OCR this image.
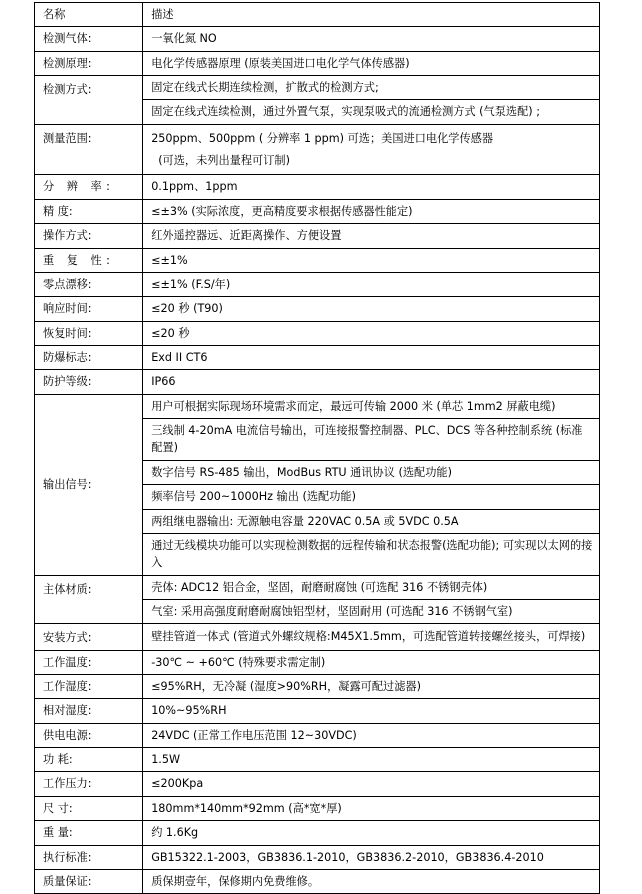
名称	描述
检测气体:	一氧化氮 NO
检测原理:	电化学传感器原理 (原装美国进口电化学气体传感器)
检测方式:	固定在线式长期连续检测，扩散式的检测方式;
	固定在线式连续检测，通过外置气泵，实现泵吸式的流通检测方式 (气泵选配) ;
测量范围:	250ppm、500ppm ( 分辨率 1 ppm) 可选；美国进口电化学传感器

(可选，未列出量程可订制)

分 辨 率:	0.1ppm、1ppm

精 度:	≤±3% (实际浓度，更高精度要求根据传感器性能定)
操作方式:	红外遥控器远、近距离操作、方便设置

重 复 性:	≤±1%
零点漂移:	≤±1% (F.S/年)
响应时间:	≤20 秒 (T90)
恢复时间:	≤20 秒
防爆标志:	Exd II CT6
防护等级:	IP66
输出信号:	用户可根据实际现场环境需求而定，最远可传输 2000 米 (单芯 1mm2 屏蔽电缆)
	三线制 4-20mA 电流信号输出，可连接报警控制器、PLC、DCS 等各种控制系统 (标准配置)
	数字信号 RS-485 输出，ModBus RTU 通讯协议 (选配功能)
	频率信号 200~1000Hz 输出 (选配功能)
	两组继电器输出: 无源触电容量 220VAC 0.5A 或 5VDC 0.5A
	通过无线模块功能可以实现检测数据的远程传输和状态报警(选配功能); 可实现以太网的接入
主体材质:	壳体: ADC12 铝合金，坚固，耐磨耐腐蚀 (可选配 316 不锈钢壳体)
	气室: 采用高强度耐磨耐腐蚀铝型材，坚固耐用 (可选配 316 不锈钢气室)
安装方式:	壁挂管道一体式 (管道式外螺纹规格:M45X1.5mm，可选配管道转接螺丝接头，可焊接)
工作温度:	-30℃ ~ +60℃ (特殊要求需定制)
工作湿度:	≤95%RH，无冷凝 (湿度>90%RH，凝露可配过滤器)
相对湿度:	10%~95%RH
供电电源:	24VDC (正常工作电压范围 12~30VDC)

功 耗:	1.5W
工作压力:	≤200Kpa

尺 寸:	180mm*140mm*92mm (高*宽*厚)

重 量:	约 1.6Kg
执行标准:	GB15322.1-2003，GB3836.1-2010，GB3836.2-2010，GB3836.4-2010
质量保证:	质保期壹年，保修期内免费维修。
